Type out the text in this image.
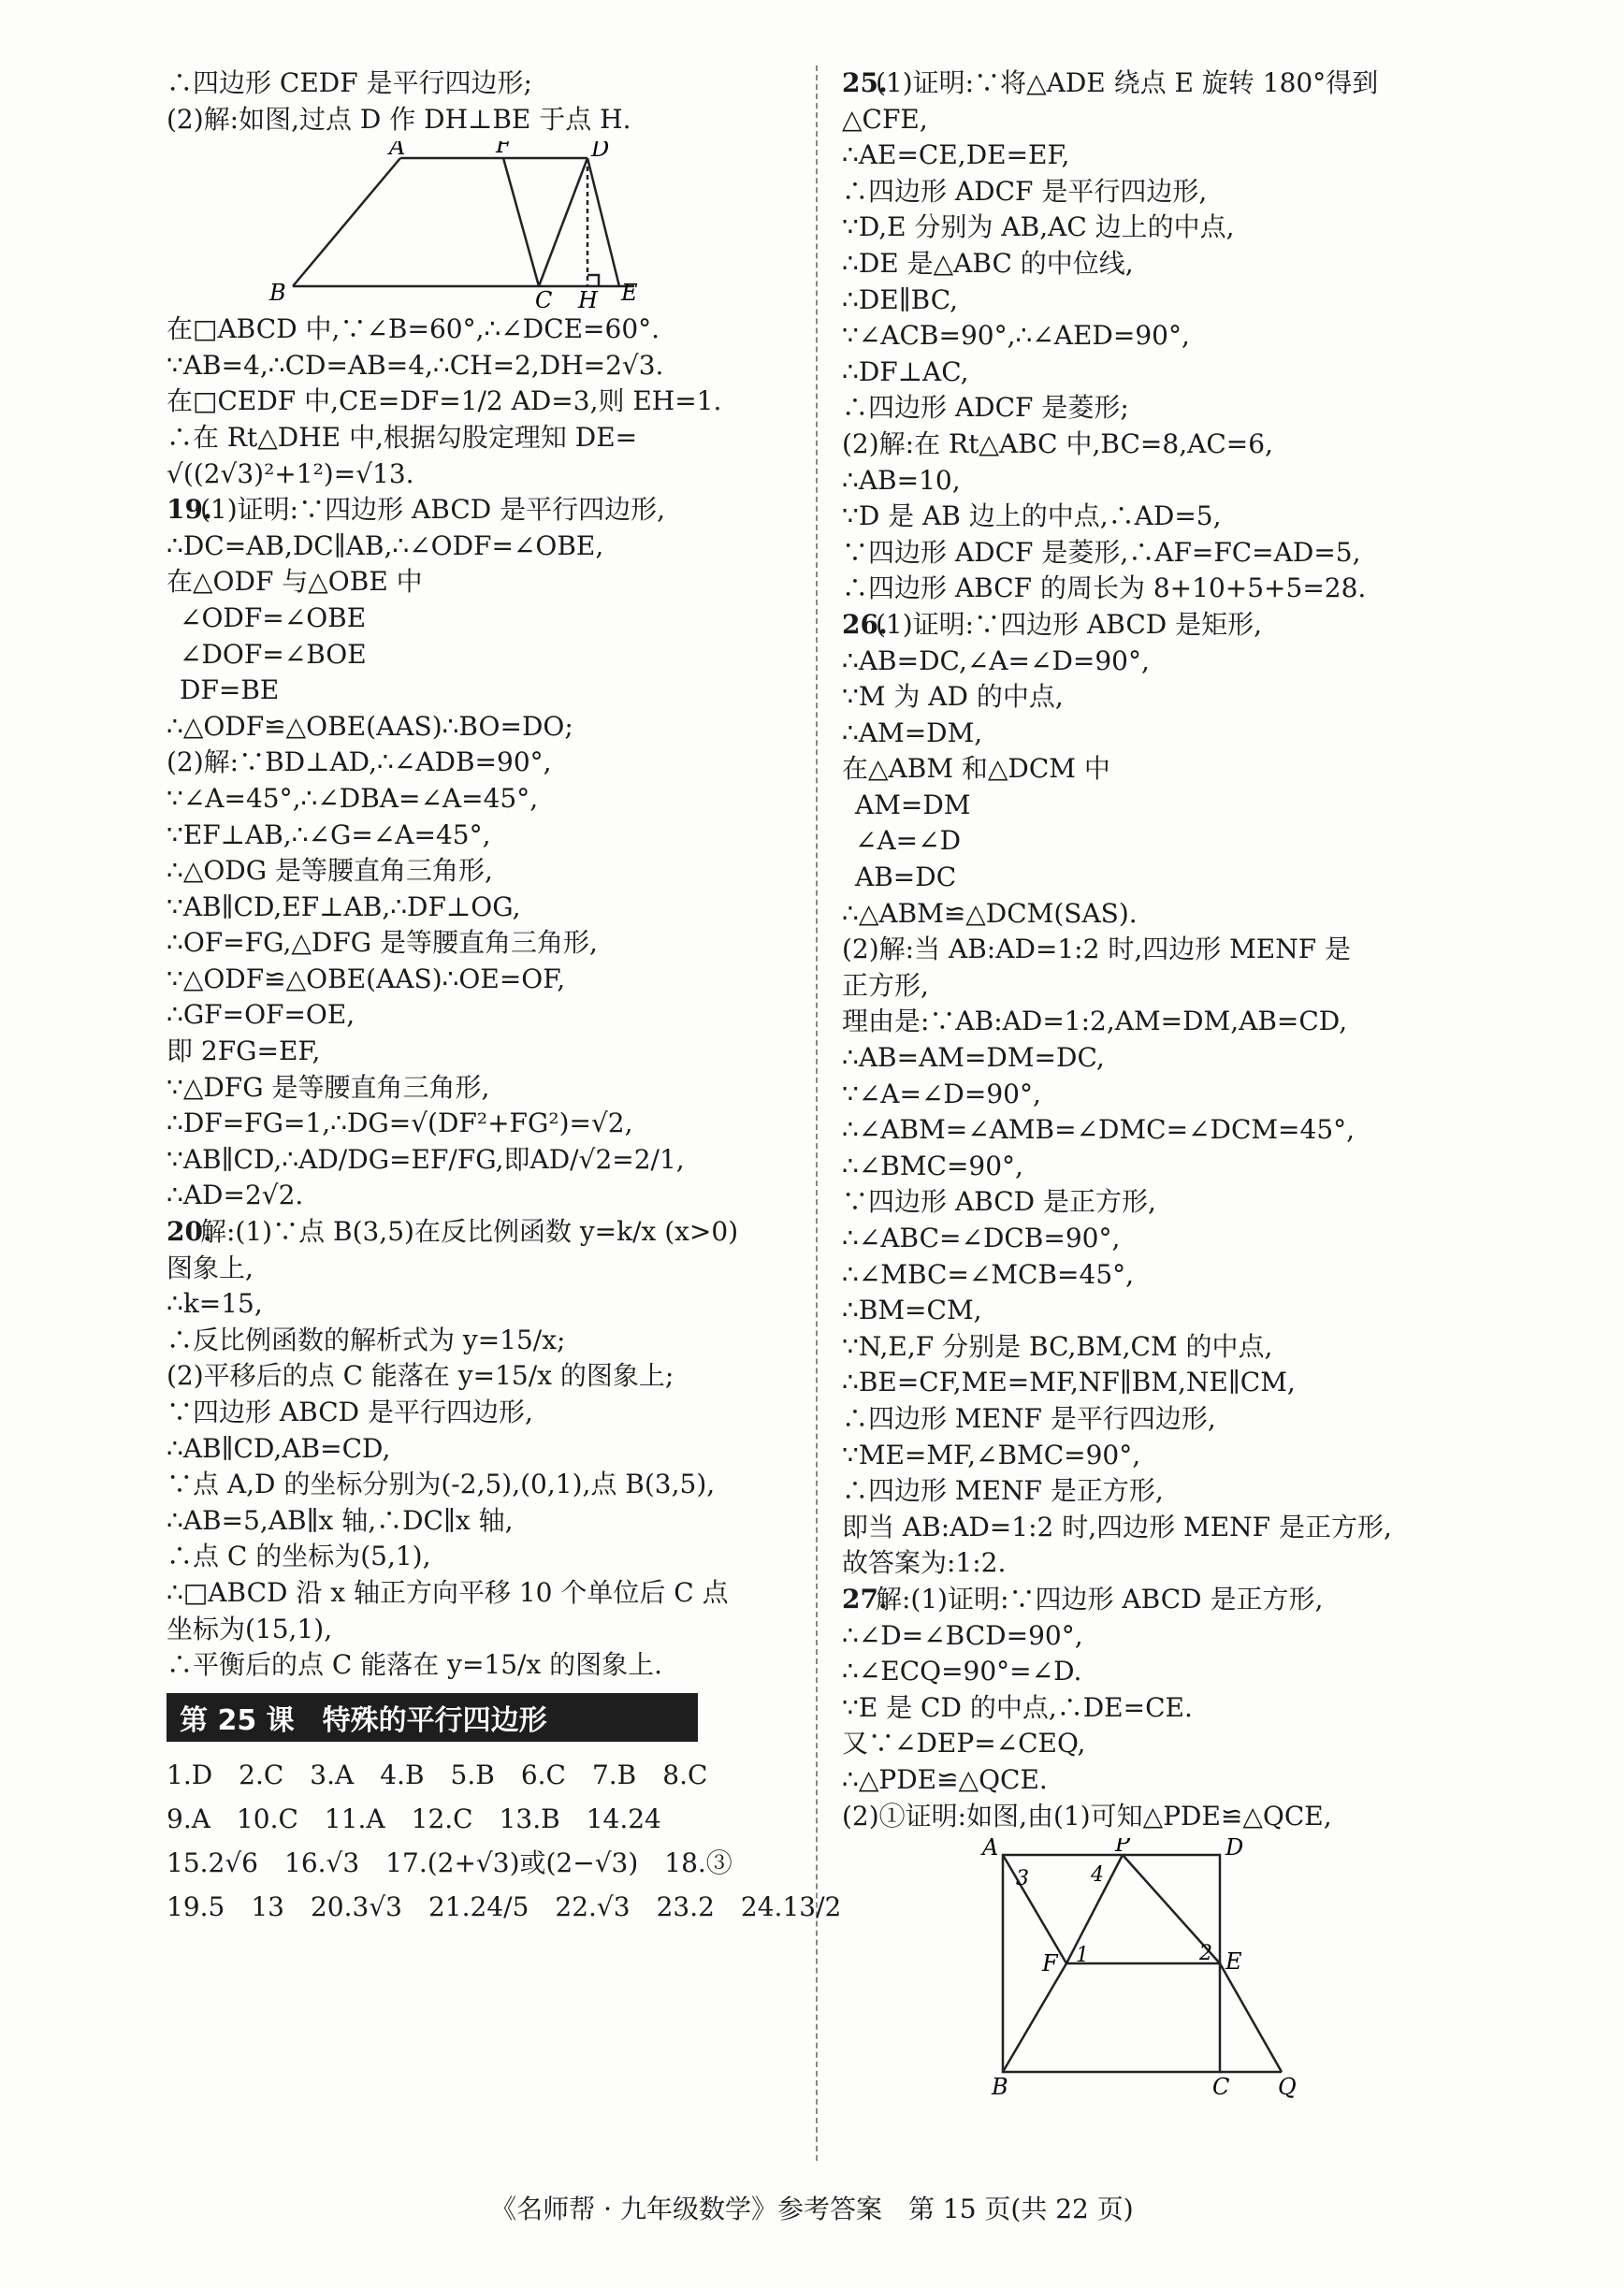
∴四边形 CEDF 是平行四边形;
(2)解:如图,过点 D 作 DH⊥BE 于点 H.
A	F	D
B	C H E
在□ABCD 中,∵∠B=60°,∴∠DCE=60°.
∵AB=4,∴CD=AB=4,∴CH=2,DH=2√3.
在□CEDF 中,CE=DF=1/2 AD=3,则 EH=1.
∴在 Rt△DHE 中,根据勾股定理知 DE=
√((2√3)²+1²)=√13.
19.(1)证明:∵四边形 ABCD 是平行四边形,
∴DC=AB,DC∥AB,∴∠ODF=∠OBE,
在△ODF 与△OBE 中
∠ODF=∠OBE
∠DOF=∠BOE
DF=BE
∴△ODF≌△OBE(AAS)∴BO=DO;
(2)解:∵BD⊥AD,∴∠ADB=90°,
∵∠A=45°,∴∠DBA=∠A=45°,
∵EF⊥AB,∴∠G=∠A=45°,
∴△ODG 是等腰直角三角形,
∵AB∥CD,EF⊥AB,∴DF⊥OG,
∴OF=FG,△DFG 是等腰直角三角形,
∵△ODF≌△OBE(AAS)∴OE=OF,
∴GF=OF=OE,
即 2FG=EF,
∵△DFG 是等腰直角三角形,
∴DF=FG=1,∴DG=√(DF²+FG²)=√2,
∵AB∥CD,∴AD/DG=EF/FG,即AD/√2=2/1,
∴AD=2√2.
20.解:(1)∵点 B(3,5)在反比例函数 y=k/x (x>0)
图象上,
∴k=15,
∴反比例函数的解析式为 y=15/x;
(2)平移后的点 C 能落在 y=15/x 的图象上;
∵四边形 ABCD 是平行四边形,
∴AB∥CD,AB=CD,
∵点 A,D 的坐标分别为(-2,5),(0,1),点 B(3,5),
∴AB=5,AB∥x 轴,∴DC∥x 轴,
∴点 C 的坐标为(5,1),
∴□ABCD 沿 x 轴正方向平移 10 个单位后 C 点
坐标为(15,1),
∴平衡后的点 C 能落在 y=15/x 的图象上.
第 25 课　特殊的平行四边形
1.D　2.C　3.A　4.B　5.B　6.C　7.B　8.C
9.A　10.C　11.A　12.C　13.B　14.24
15.2√6　16.√3　17.(2+√3)或(2−√3)　18.③
19.5　13　20.3√3　21.24/5　22.√3　23.2　24.13/2
25.(1)证明:∵将△ADE 绕点 E 旋转 180°得到
△CFE,
∴AE=CE,DE=EF,
∴四边形 ADCF 是平行四边形,
∵D,E 分别为 AB,AC 边上的中点,
∴DE 是△ABC 的中位线,
∴DE∥BC,
∵∠ACB=90°,∴∠AED=90°,
∴DF⊥AC,
∴四边形 ADCF 是菱形;
(2)解:在 Rt△ABC 中,BC=8,AC=6,
∴AB=10,
∵D 是 AB 边上的中点,∴AD=5,
∵四边形 ADCF 是菱形,∴AF=FC=AD=5,
∴四边形 ABCF 的周长为 8+10+5+5=28.
26.(1)证明:∵四边形 ABCD 是矩形,
∴AB=DC,∠A=∠D=90°,
∵M 为 AD 的中点,
∴AM=DM,
在△ABM 和△DCM 中
AM=DM
∠A=∠D
AB=DC
∴△ABM≌△DCM(SAS).
(2)解:当 AB:AD=1:2 时,四边形 MENF 是
正方形,
理由是:∵AB:AD=1:2,AM=DM,AB=CD,
∴AB=AM=DM=DC,
∵∠A=∠D=90°,
∴∠ABM=∠AMB=∠DMC=∠DCM=45°,
∴∠BMC=90°,
∵四边形 ABCD 是正方形,
∴∠ABC=∠DCB=90°,
∴∠MBC=∠MCB=45°,
∴BM=CM,
∵N,E,F 分别是 BC,BM,CM 的中点,
∴BE=CF,ME=MF,NF∥BM,NE∥CM,
∴四边形 MENF 是平行四边形,
∵ME=MF,∠BMC=90°,
∴四边形 MENF 是正方形,
即当 AB:AD=1:2 时,四边形 MENF 是正方形,
故答案为:1:2.
27.解:(1)证明:∵四边形 ABCD 是正方形,
∴∠D=∠BCD=90°,
∴∠ECQ=90°=∠D.
∵E 是 CD 的中点,∴DE=CE.
又∵∠DEP=∠CEQ,
∴△PDE≌△QCE.
(2)①证明:如图,由(1)可知△PDE≌△QCE,
A	P	D
3	4
F 1	2 E
B	C Q
《名师帮 · 九年级数学》参考答案　第 15 页(共 22 页)
